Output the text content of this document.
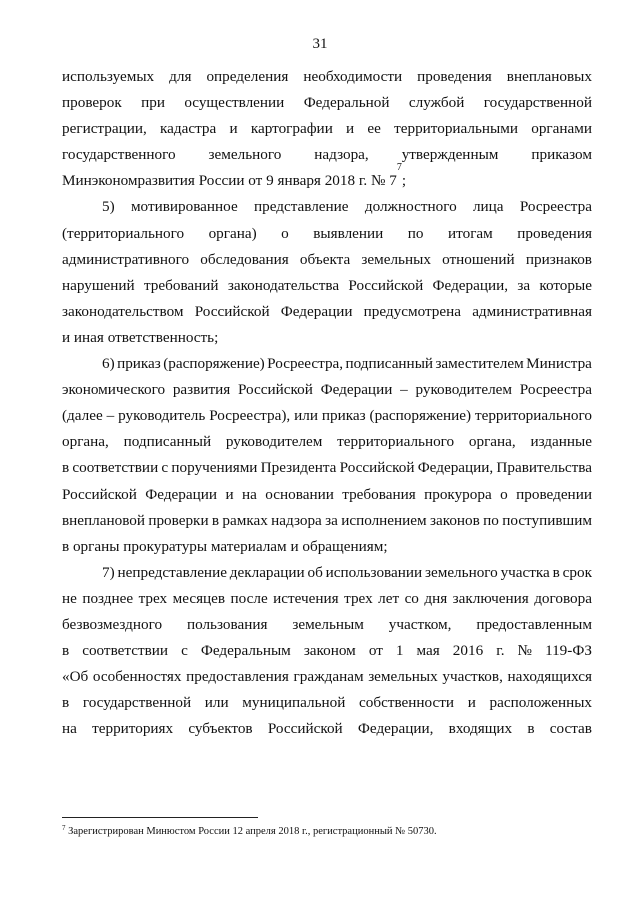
31
используемых для определения необходимости проведения внеплановых
проверок при осуществлении Федеральной службой государственной
регистрации, кадастра и картографии и ее территориальными органами
государственного земельного надзора, утвержденным приказом
Минэкономразвития России от 9 января 2018 г. № 7
7
;
5) мотивированное представление должностного лица Росреестра
(территориального органа) о выявлении по итогам проведения
административного обследования объекта земельных отношений признаков
нарушений требований законодательства Российской Федерации, за которые
законодательством Российской Федерации предусмотрена административная
и иная ответственность;
6) приказ (распоряжение) Росреестра, подписанный заместителем Министра
экономического развития Российской Федерации – руководителем Росреестра
(далее – руководитель Росреестра), или приказ (распоряжение) территориального
органа, подписанный руководителем территориального органа, изданные
в соответствии с поручениями Президента Российской Федерации, Правительства
Российской Федерации и на основании требования прокурора о проведении
внеплановой проверки в рамках надзора за исполнением законов по поступившим
в органы прокуратуры материалам и обращениям;
7) непредставление декларации об использовании земельного участка в срок
не позднее трех месяцев после истечения трех лет со дня заключения договора
безвозмездного пользования земельным участком, предоставленным
в соответствии с Федеральным законом от 1 мая 2016 г. № 119-ФЗ
«Об особенностях предоставления гражданам земельных участков, находящихся
в государственной или муниципальной собственности и расположенных
на территориях субъектов Российской Федерации, входящих в состав
$^7$ Зарегистрирован Минюстом России 12 апреля 2018 г., регистрационный № 50730.
